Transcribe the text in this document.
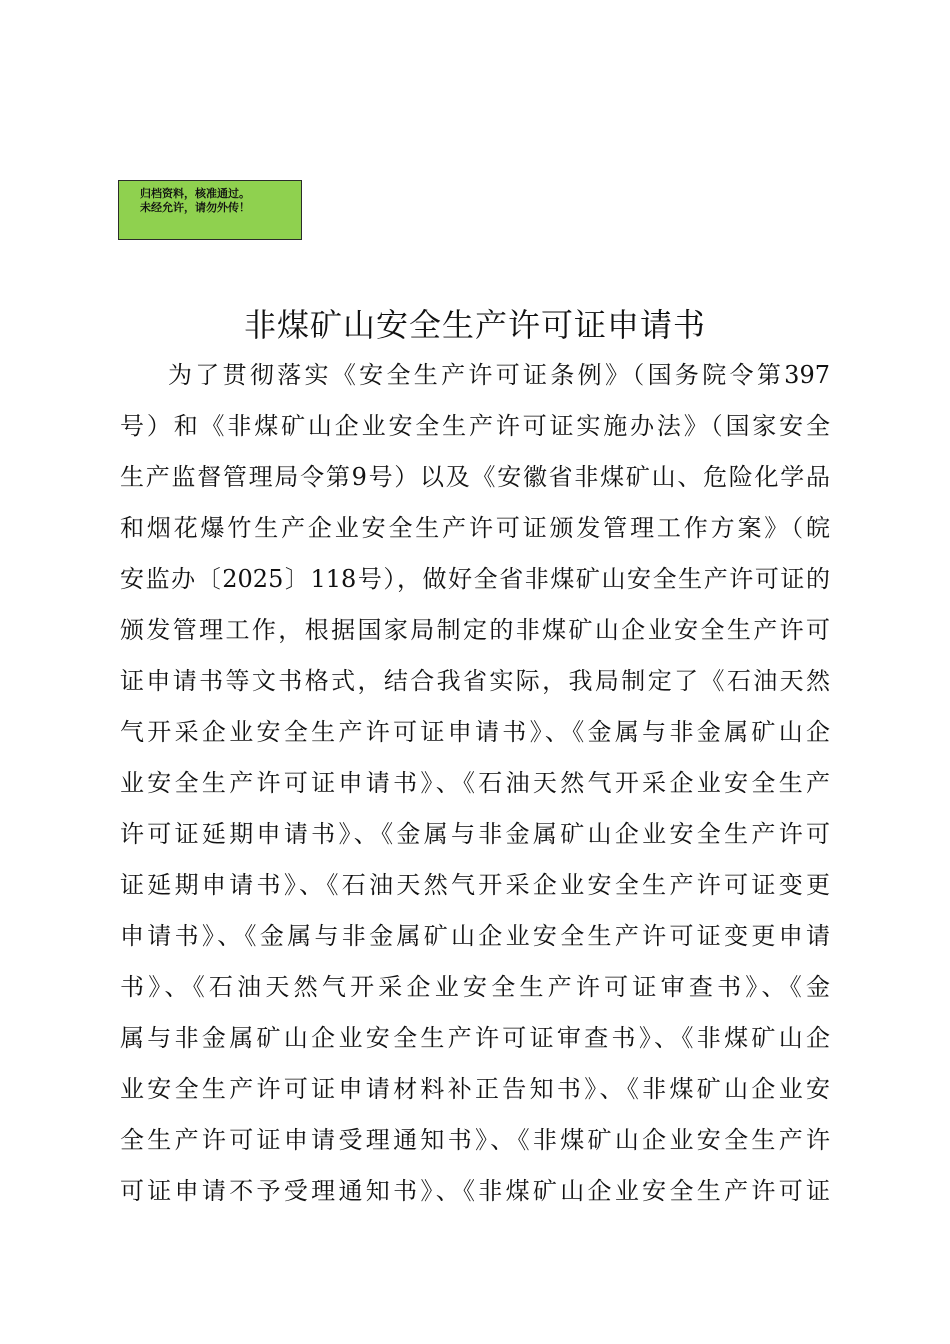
归档资料，核准通过。
未经允许，请勿外传！
非煤矿山安全生产许可证申请书
为了贯彻落实《安全生产许可证条例》（国务院令第397
号）和《非煤矿山企业安全生产许可证实施办法》（国家安全
生产监督管理局令第9号）以及《安徽省非煤矿山、危险化学品
和烟花爆竹生产企业安全生产许可证颁发管理工作方案》（皖
安监办〔2025〕118号），做好全省非煤矿山安全生产许可证的
颁发管理工作，根据国家局制定的非煤矿山企业安全生产许可
证申请书等文书格式，结合我省实际，我局制定了《石油天然
气开采企业安全生产许可证申请书》、《金属与非金属矿山企
业安全生产许可证申请书》、《石油天然气开采企业安全生产
许可证延期申请书》、《金属与非金属矿山企业安全生产许可
证延期申请书》、《石油天然气开采企业安全生产许可证变更
申请书》、《金属与非金属矿山企业安全生产许可证变更申请
书》、《石油天然气开采企业安全生产许可证审查书》、《金
属与非金属矿山企业安全生产许可证审查书》、《非煤矿山企
业安全生产许可证申请材料补正告知书》、《非煤矿山企业安
全生产许可证申请受理通知书》、《非煤矿山企业安全生产许
可证申请不予受理通知书》、《非煤矿山企业安全生产许可证
